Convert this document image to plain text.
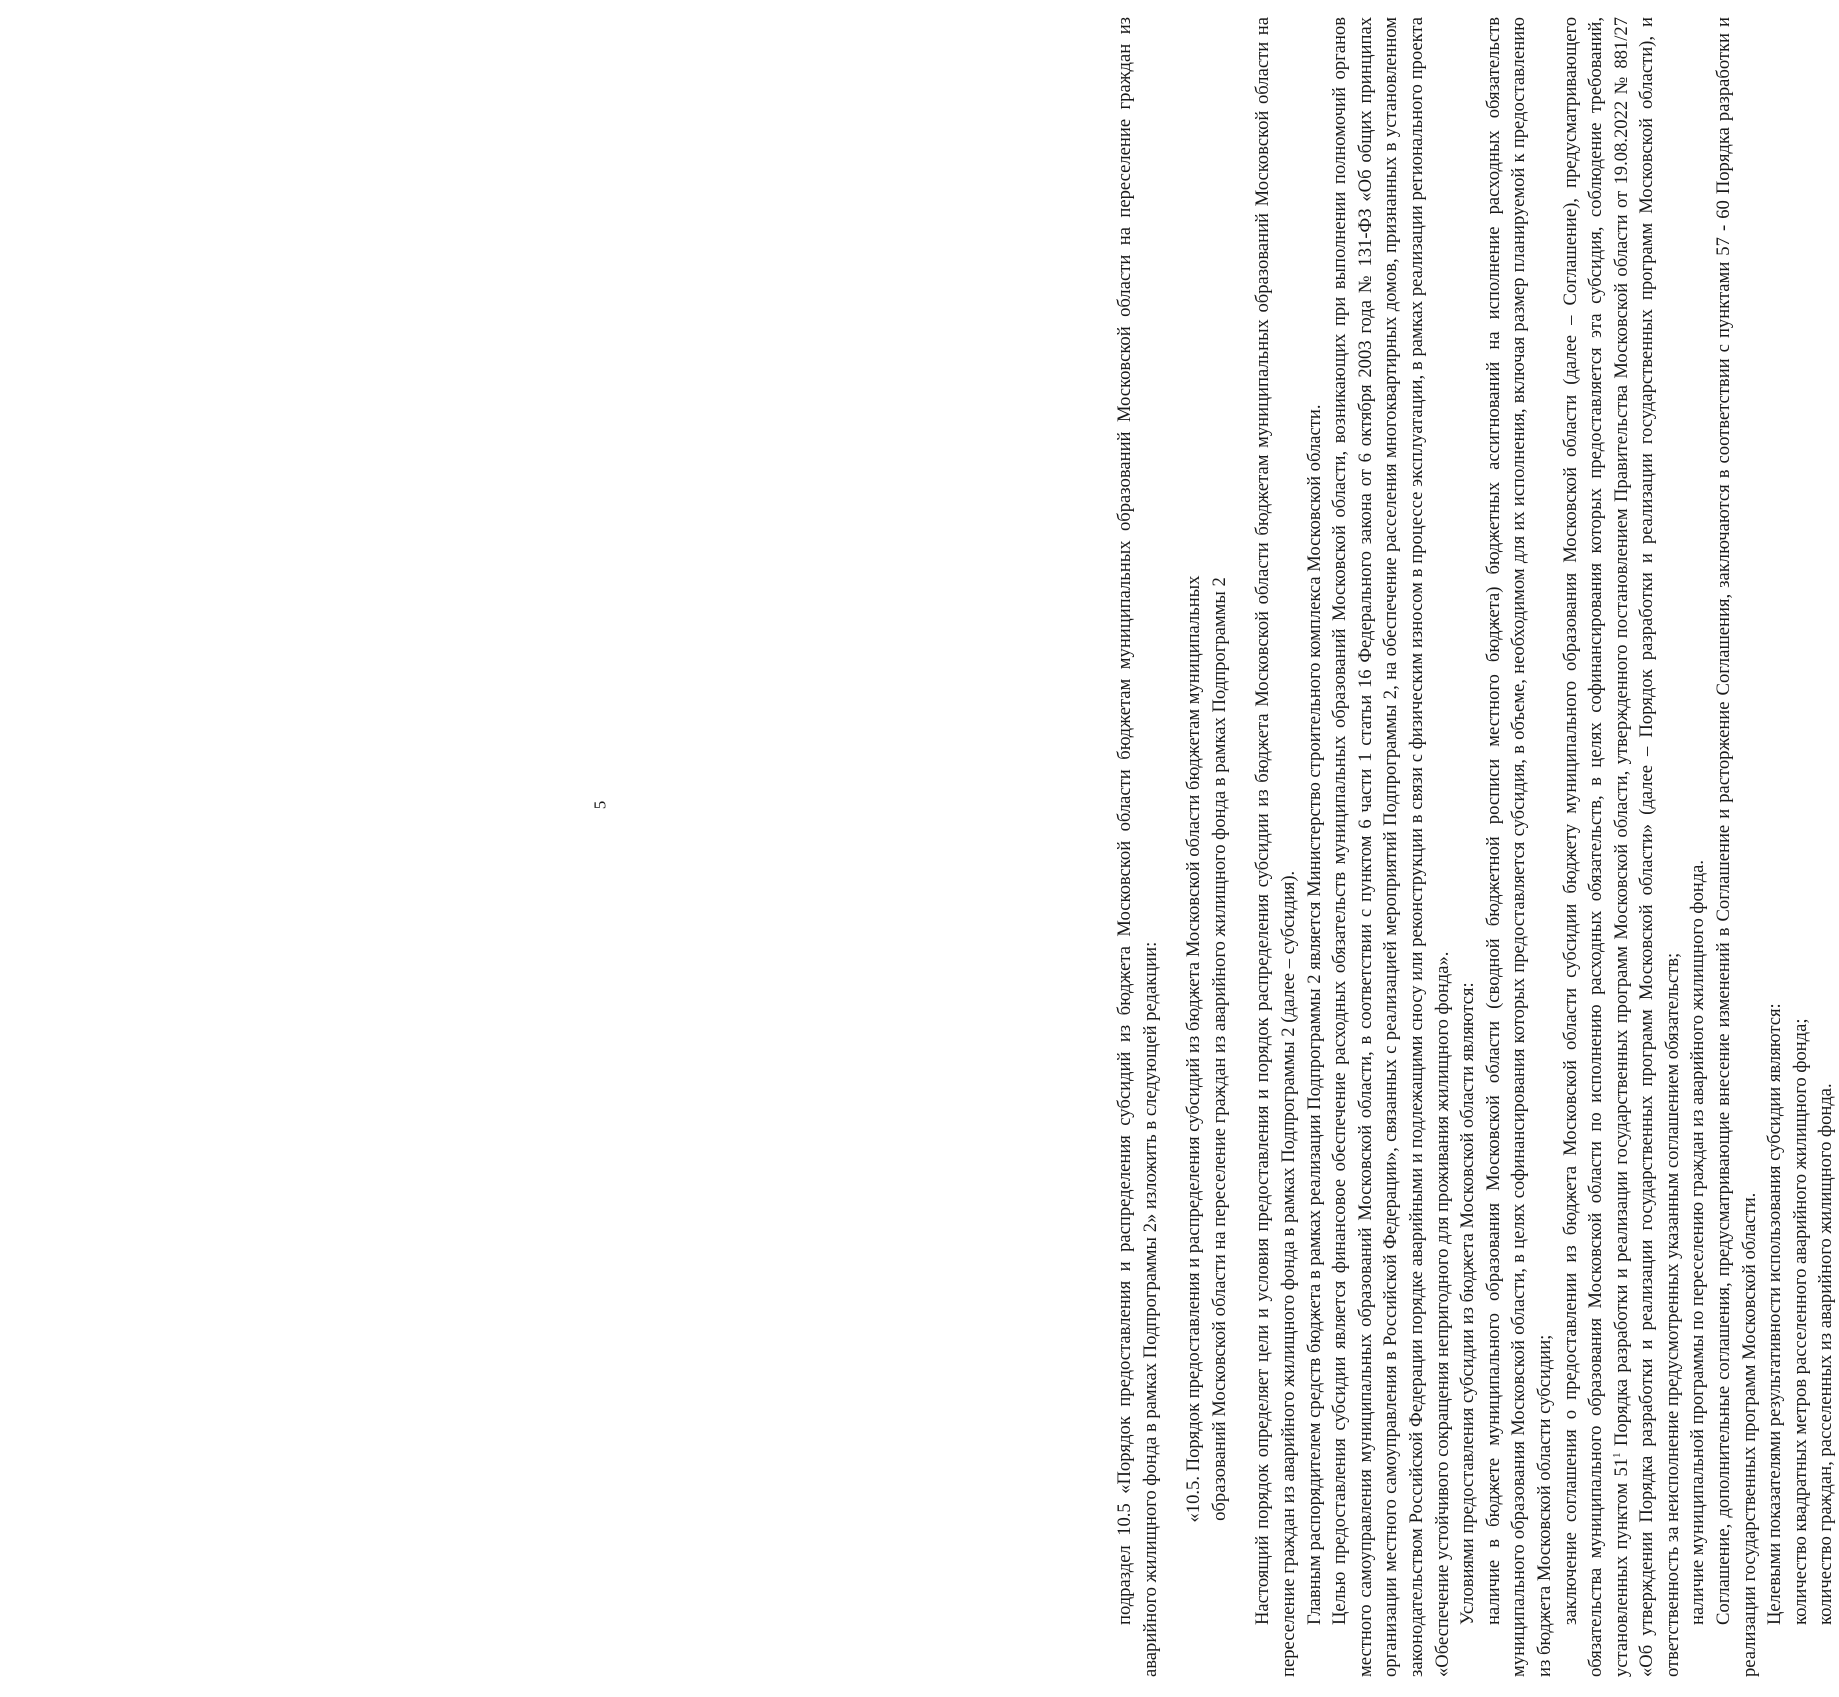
5	подраздел 10.5 «Порядок предоставления и распределения субсидий из бюджета Московской области бюджетам муниципальных образований Московской области на переселение граждан из аварийного жилищного фонда в рамках Подпрограммы 2» изложить в следующей редакции: «10.5. Порядок предоставления и распределения субсидий из бюджета Московской области бюджетам муниципальных образований Московской области на переселение граждан из аварийного жилищного фонда в рамках Подпрограммы 2 Настоящий порядок определяет цели и условия предоставления и порядок распределения субсидии из бюджета Московской области бюджетам муниципальных образований Московской области на переселение граждан из аварийного жилищного фонда в рамках Подпрограммы 2 (далее – субсидия). Главным распорядителем средств бюджета в рамках реализации Подпрограммы 2 является Министерство строительного комплекса Московской области. Целью предоставления субсидии является финансовое обеспечение расходных обязательств муниципальных образований Московской области, возникающих при выполнении полномочий органов местного самоуправления муниципальных образований Московской области, в соответствии с пунктом 6 части 1 статьи 16 Федерального закона от 6 октября 2003 года № 131-ФЗ «Об общих принципах организации местного самоуправления в Российской Федерации», связанных с реализацией мероприятий Подпрограммы 2, на обеспечение расселения многоквартирных домов, признанных в установленном законодательством Российской Федерации порядке аварийными и подлежащими сносу или реконструкции в связи с физическим износом в процессе эксплуатации, в рамках реализации регионального проекта «Обеспечение устойчивого сокращения непригодного для проживания жилищного фонда». Условиями предоставления субсидии из бюджета Московской области являются: наличие в бюджете муниципального образования Московской области (сводной бюджетной росписи местного бюджета) бюджетных ассигнований на исполнение расходных обязательств муниципального образования Московской области, в целях софинансирования которых предоставляется субсидия, в объеме, необходимом для их исполнения, включая размер планируемой к предоставлению из бюджета Московской области субсидии; заключение соглашения о предоставлении из бюджета Московской области субсидии бюджету муниципального образования Московской области (далее – Соглашение), предусматривающего обязательства муниципального образования Московской области по исполнению расходных обязательств, в целях софинансирования которых предоставляется эта субсидия, соблюдение требований, установленных пунктом $51^1$ Порядка разработки и реализации государственных программ Московской области, утвержденного постановлением Правительства Московской области от 19.08.2022 № 881/27 «Об утверждении Порядка разработки и реализации государственных программ Московской области» (далее – Порядок разработки и реализации государственных программ Московской области), и ответственность за неисполнение предусмотренных указанным соглашением обязательств; наличие муниципальной программы по переселению граждан из аварийного жилищного фонда. Соглашение, дополнительные соглашения, предусматривающие внесение изменений в Соглашение и расторжение Соглашения, заключаются в соответствии с пунктами 57 - 60 Порядка разработки и реализации государственных программ Московской области. Целевыми показателями результативности использования субсидии являются: количество квадратных метров расселенного аварийного жилищного фонда; количество граждан, расселенных из аварийного жилищного фонда.
